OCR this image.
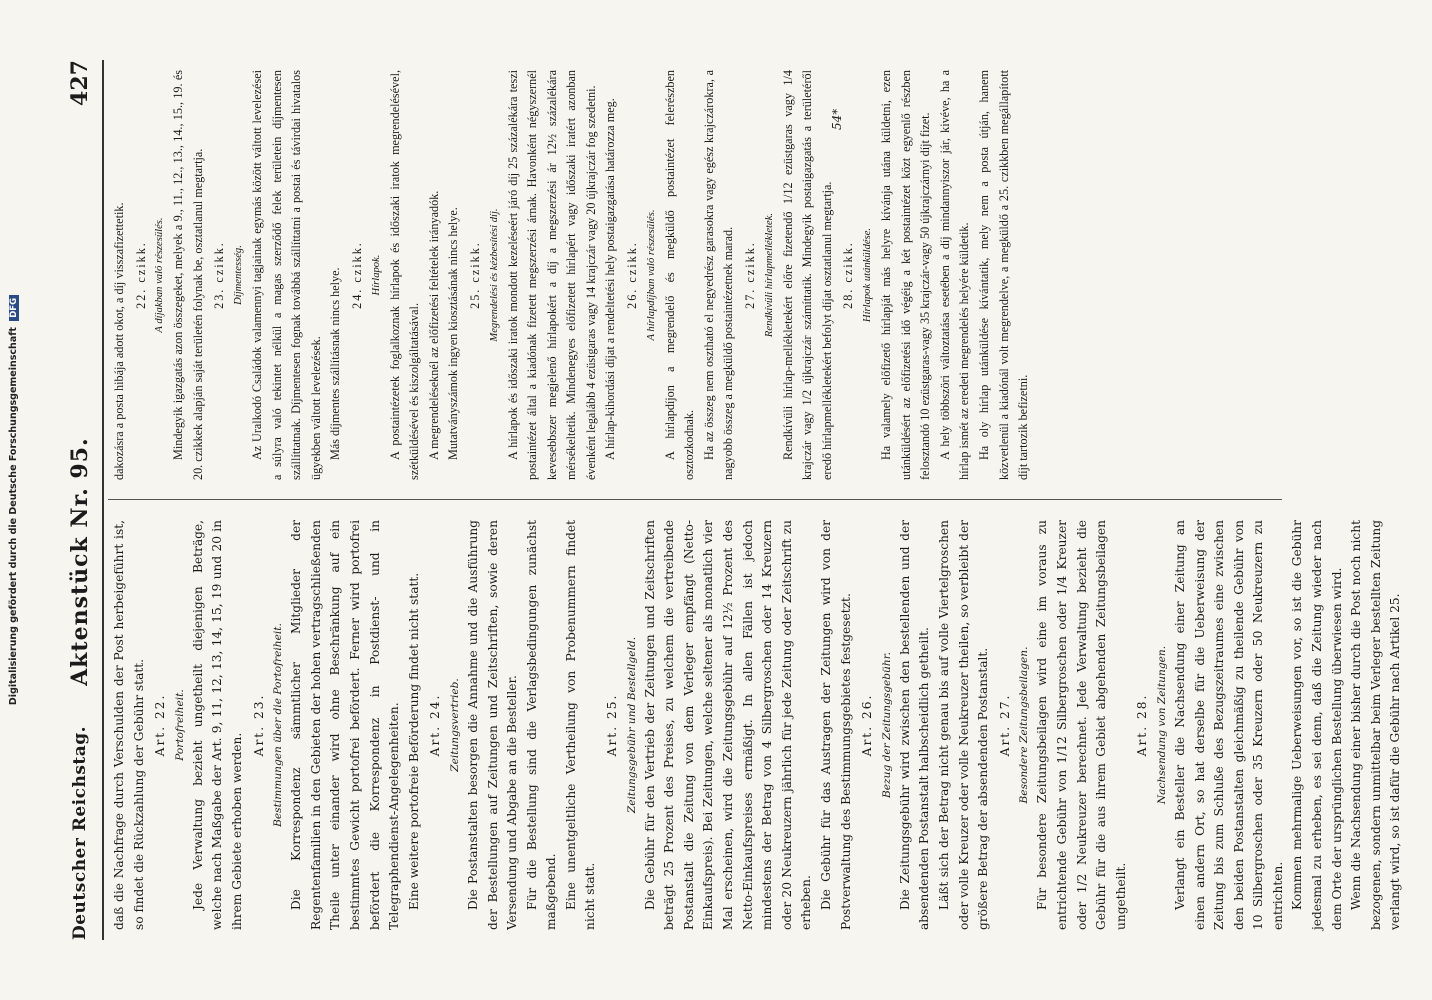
Digitalisierung gefördert durch die Deutsche Forschungsgemeinschaft DFG
Deutscher Reichstag.
Aktenstück Nr. 95.
427

daß die Nachfrage durch Verschulden der Post herbeigeführt ist, so findet die Rückzahlung der Gebühr statt. Art. 22. Portofreiheit. Jede Verwaltung bezieht ungetheilt diejenigen Beträge, welche nach Maßgabe der Art. 9, 11, 12, 13, 14, 15, 19 und 20 in ihrem Gebiete erhoben werden.

Art. 23. Bestimmungen über die Portofreiheit. Die Korrespondenz sämmtlicher Mitglieder der Regentenfamilien in den Gebieten der hohen vertragschließenden Theile unter einander wird ohne Beschränkung auf ein bestimmtes Gewicht portofrei befördert. Ferner wird portofrei befördert die Korrespondenz in Postdienst- und in Telegraphendienst-Angelegenheiten. Eine weitere portofreie Beförderung findet nicht statt. Art. 24. Zeitungsvertrieb. Die Postanstalten besorgen die Annahme und die Ausführung der Bestellungen auf Zeitungen und Zeitschriften, sowie deren Versendung und Abgabe an die Besteller. Für die Bestellung sind die Verlagsbedingungen zunächst maßgebend. Eine unentgeltliche Vertheilung von Probenummern findet nicht statt.

Art. 25. Zeitungsgebühr und Bestellgeld. Die Gebühr für den Vertrieb der Zeitungen und Zeitschriften beträgt 25 Prozent des Preises, zu welchem die vertreibende Postanstalt die Zeitung von dem Verleger empfängt (Netto-Einkaufspreis). Bei Zeitungen, welche seltener als monatlich vier Mal erscheinen, wird die Zeitungsgebühr auf 12½ Prozent des Netto-Einkaufspreises ermäßigt. In allen Fällen ist jedoch mindestens der Betrag von 4 Silbergroschen oder 14 Kreuzern oder 20 Neukreuzern jährlich für jede Zeitung oder Zeitschrift zu erheben. Die Gebühr für das Austragen der Zeitungen wird von der Postverwaltung des Bestimmungsgebietes festgesetzt. Art. 26. Bezug der Zeitungsgebühr. Die Zeitungsgebühr wird zwischen den bestellenden und der absendenden Postanstalt halbscheidlich getheilt. Läßt sich der Betrag nicht genau bis auf volle Viertelgroschen oder volle Kreuzer oder volle Neukreuzer theilen, so verbleibt der größere Betrag der absendenden Postanstalt. Art. 27. Besondere Zeitungsbeilagen. Für besondere Zeitungsbeilagen wird eine im voraus zu entrichtende Gebühr von 1/12 Silbergroschen oder 1/4 Kreuzer oder 1/2 Neukreuzer berechnet. Jede Verwaltung bezieht die Gebühr für die aus ihrem Gebiet abgehenden Zeitungsbeilagen ungetheilt.

Art. 28. Nachsendung von Zeitungen. Verlangt ein Besteller die Nachsendung einer Zeitung an einen andern Ort, so hat derselbe für die Ueberweisung der Zeitung bis zum Schluße des Bezugszeitraumes eine zwischen den beiden Postanstalten gleichmäßig zu theilende Gebühr von 10 Silbergroschen oder 35 Kreuzern oder 50 Neukreuzern zu entrichten. Kommen mehrmalige Ueberweisungen vor, so ist die Gebühr jedesmal zu erheben, es sei denn, daß die Zeitung wieder nach dem Orte der ursprünglichen Bestellung überwiesen wird. Wenn die Nachsendung einer bisher durch die Post noch nicht bezogenen, sondern unmittelbar beim Verleger bestellten Zeitung verlangt wird, so ist dafür die Gebühr nach Artikel 25.

dakozásra a posta hibája adott okot, a díj visszafizettetik. 22. czikk. A díjakban való részesülés. Mindegyik igazgatás azon összegeket, melyek a 9., 11., 12., 13., 14., 15., 19. és 20. czikkek alapján saját területén folynak be, osztatlanul megtartja. 23. czikk. Díjmentesség. Az Uralkodó Családok valamennyi tagjainak egymás között váltott levelezései a súlyra való tekintet nélkül a magas szerződő felek területein díjmentesen szállíttatnak. Díjmentesen fognak továbbá szállíttatni a postai és távirdai hivatalos ügyekben váltott levelezések. Más díjmentes szállításnak nincs helye. 24. czikk. Hírlapok. A postaintézetek foglalkoznak hírlapok és időszaki iratok megrendelésével, szétküldésével és kiszolgáltatásával. A megrendeléseknél az előfizetési feltételek irányadók. Mutatványszámok ingyen kiosztásának nincs helye. 25. czikk. Megrendelési és kézbesítési díj. A hírlapok és időszaki iratok mondott kezeléseért járó díj 25 százalékára teszi postaintézet által a kiadónak fizetett megszerzési árnak. Havonként négyszernél kevesebbszer megjelenő hírlapokért a díj a megszerzési ár 12½ százalékára mérsékeltetik. Mindenegyes előfizetett hírlapért vagy időszaki iratért azonban évenként legalább 4 ezüstgaras vagy 14 krajczár vagy 20 újkrajczár fog szedetni. A hírlap-kihordási díjat a rendeltetési hely postaigazgatása határozza meg. 26. czikk. A hírlapdíjban való részesülés. A hírlapdíjon a megrendelő és megküldő postaintézet felerészben osztozkodnak. Ha az összeg nem osztható el negyedrész garasokra vagy egész krajczárokra, a nagyobb összeg a megküldő postaintézetnek marad. 27. czikk. Rendkívüli hírlapmellékletek. Rendkívüli hírlap-mellékletekért előre fizetendő 1/12 ezüstgaras vagy 1/4 krajczár vagy 1/2 újkrajczár számíttatik. Mindegyik postaigazgatás a területéről eredő hírlapmellékletekért befolyt díjat osztatlanul megtartja. 28. czikk. Hírlapok utánküldése. Ha valamely előfizető hírlapját más helyre kívánja utána küldetni, ezen utánküldésért az előfizetési idő végéig a két postaintézet közt egyenlő részben felosztandó 10 ezüstgaras-vagy 35 krajczár-vagy 50 újkrajczárnyi díjt fizet. A hely többszöri változtatása esetében a díj mindannyiszor jár, kivéve, ha a hírlap ismét az eredeti megrendelés helyére küldetik. Ha oly hírlap utánküldése kívántatik, mely nem a posta útján, hanem közvetlenül a kiadónál volt megrendelve, a megküldő a 25. czikkben megállapított díjt tartozik befizetni.

54*
